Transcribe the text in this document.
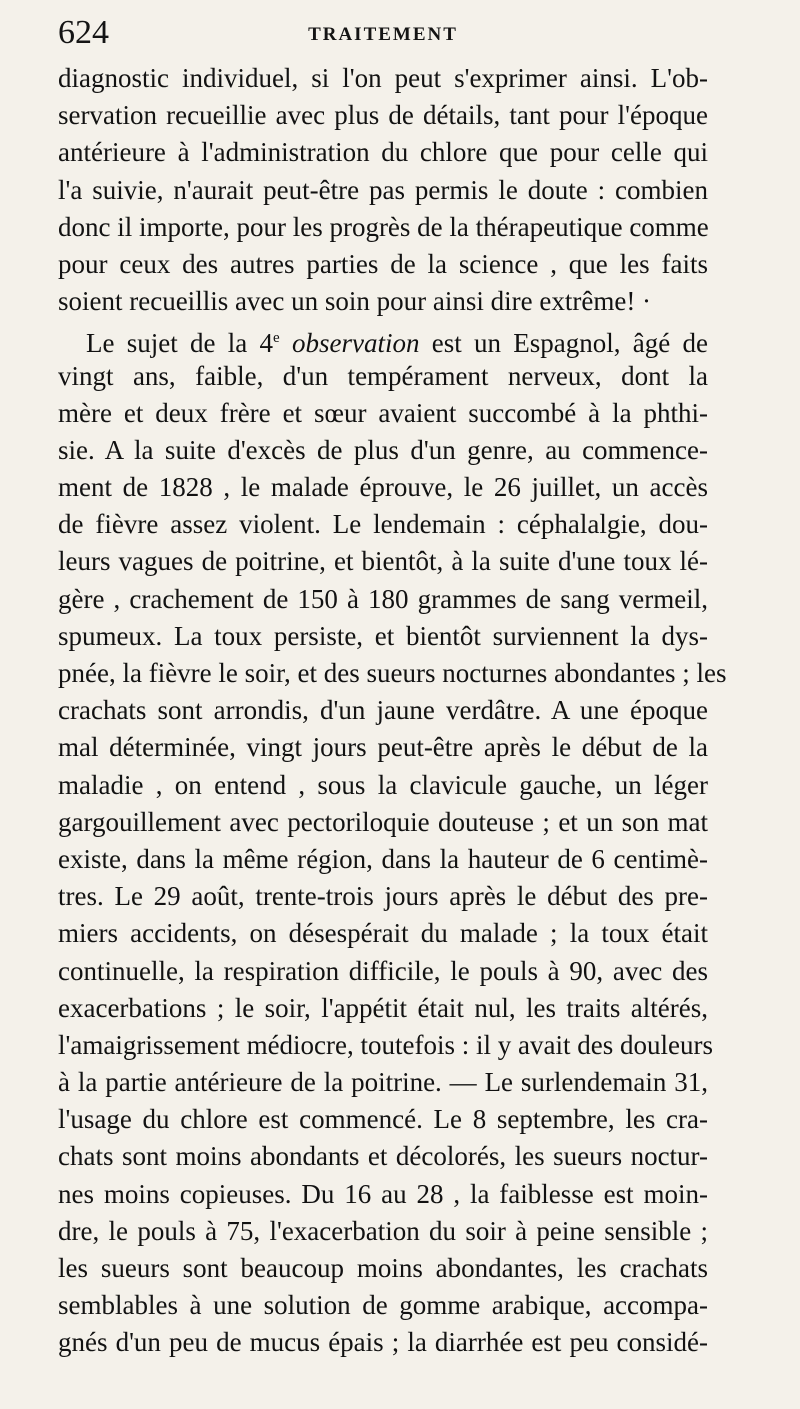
624	TRAITEMENT
diagnostic individuel, si l'on peut s'exprimer ainsi. L'ob-
servation recueillie avec plus de détails, tant pour l'époque
antérieure à l'administration du chlore que pour celle qui
l'a suivie, n'aurait peut-être pas permis le doute : combien
donc il importe, pour les progrès de la thérapeutique comme
pour ceux des autres parties de la science , que les faits
soient recueillis avec un soin pour ainsi dire extrême! ·
Le sujet de la 4e observation est un Espagnol, âgé de
vingt ans, faible, d'un tempérament nerveux, dont la
mère et deux frère et sœur avaient succombé à la phthi-
sie. A la suite d'excès de plus d'un genre, au commence-
ment de 1828 , le malade éprouve, le 26 juillet, un accès
de fièvre assez violent. Le lendemain : céphalalgie, dou-
leurs vagues de poitrine, et bientôt, à la suite d'une toux lé-
gère , crachement de 150 à 180 grammes de sang vermeil,
spumeux. La toux persiste, et bientôt surviennent la dys-
pnée, la fièvre le soir, et des sueurs nocturnes abondantes ; les
crachats sont arrondis, d'un jaune verdâtre. A une époque
mal déterminée, vingt jours peut-être après le début de la
maladie , on entend , sous la clavicule gauche, un léger
gargouillement avec pectoriloquie douteuse ; et un son mat
existe, dans la même région, dans la hauteur de 6 centimè-
tres. Le 29 août, trente-trois jours après le début des pre-
miers accidents, on désespérait du malade ; la toux était
continuelle, la respiration difficile, le pouls à 90, avec des
exacerbations ; le soir, l'appétit était nul, les traits altérés,
l'amaigrissement médiocre, toutefois : il y avait des douleurs
à la partie antérieure de la poitrine. — Le surlendemain 31,
l'usage du chlore est commencé. Le 8 septembre, les cra-
chats sont moins abondants et décolorés, les sueurs noctur-
nes moins copieuses. Du 16 au 28 , la faiblesse est moin-
dre, le pouls à 75, l'exacerbation du soir à peine sensible ;
les sueurs sont beaucoup moins abondantes, les crachats
semblables à une solution de gomme arabique, accompa-
gnés d'un peu de mucus épais ; la diarrhée est peu considé-
